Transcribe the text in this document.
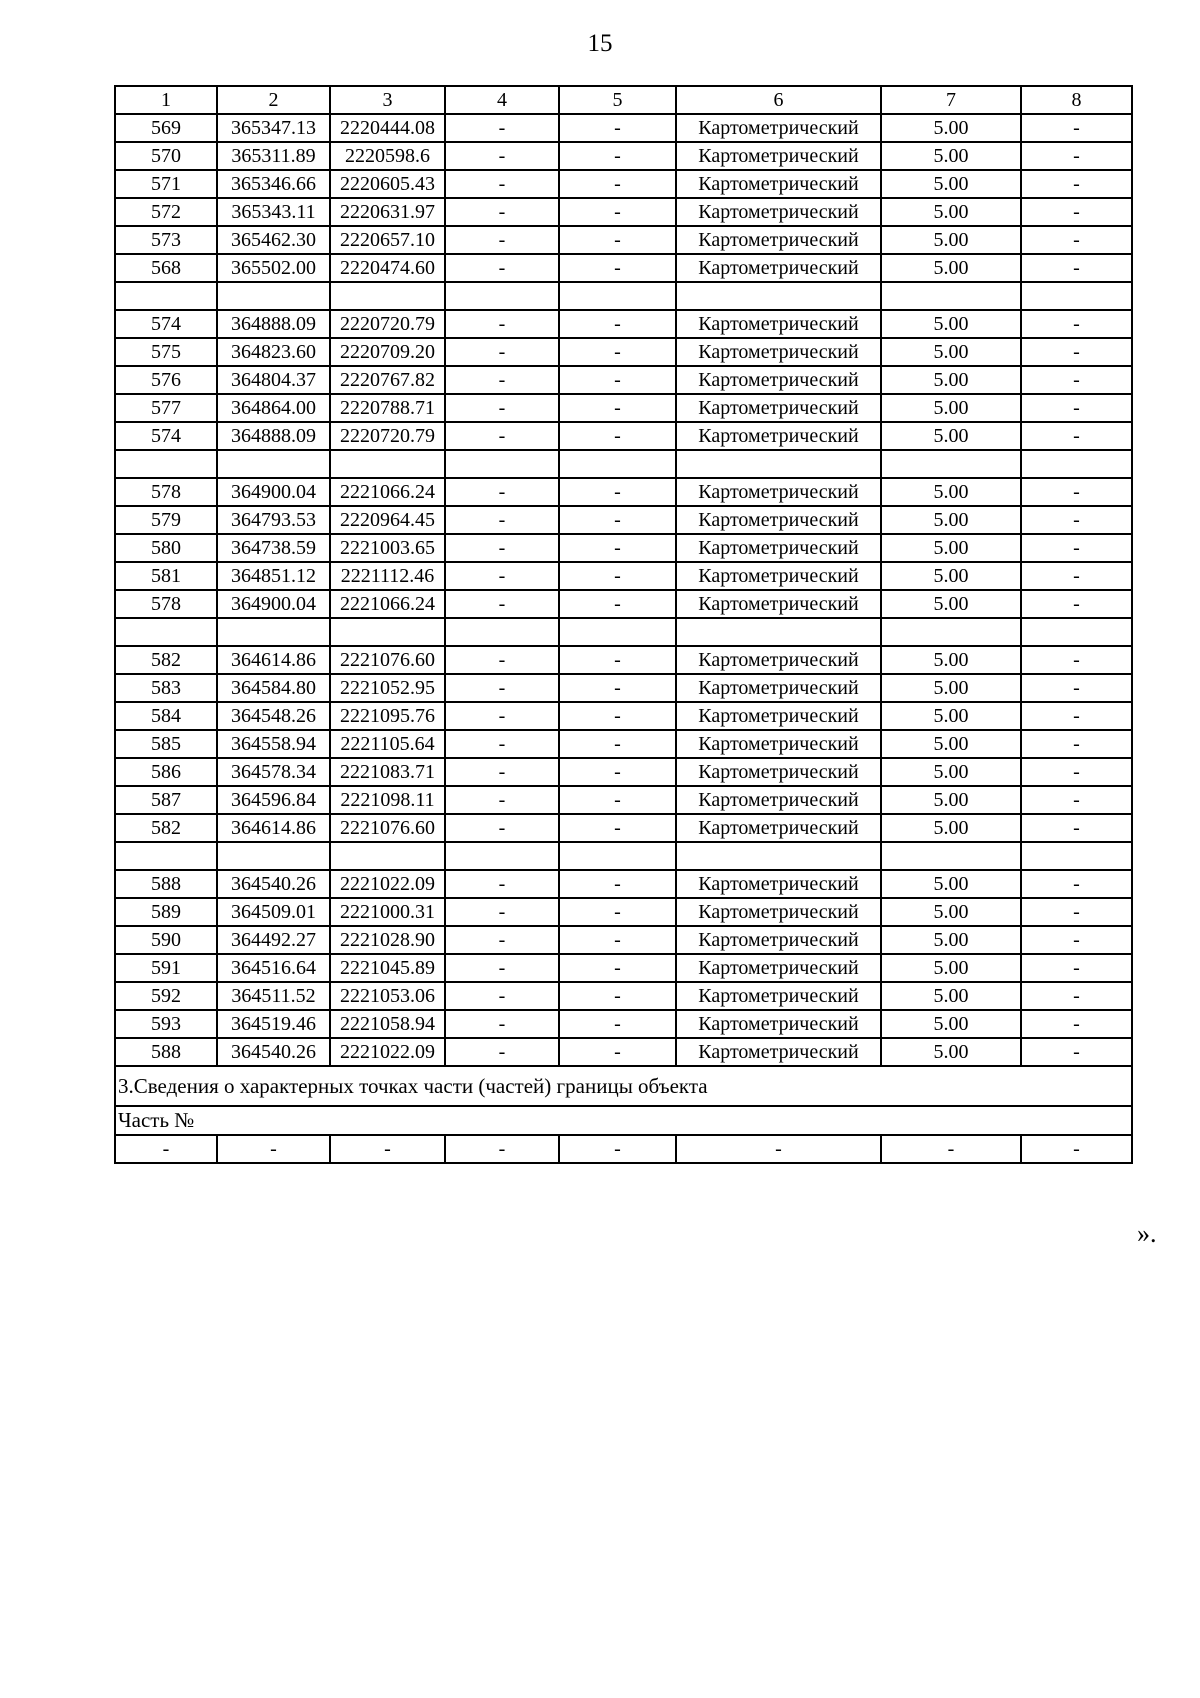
15
1	2	3	4	5	6	7	8
569	365347.13	2220444.08	-	-	Картометрический	5.00	-
570	365311.89	2220598.6	-	-	Картометрический	5.00	-
571	365346.66	2220605.43	-	-	Картометрический	5.00	-
572	365343.11	2220631.97	-	-	Картометрический	5.00	-
573	365462.30	2220657.10	-	-	Картометрический	5.00	-
568	365502.00	2220474.60	-	-	Картометрический	5.00	-

574	364888.09	2220720.79	-	-	Картометрический	5.00	-
575	364823.60	2220709.20	-	-	Картометрический	5.00	-
576	364804.37	2220767.82	-	-	Картометрический	5.00	-
577	364864.00	2220788.71	-	-	Картометрический	5.00	-
574	364888.09	2220720.79	-	-	Картометрический	5.00	-

578	364900.04	2221066.24	-	-	Картометрический	5.00	-
579	364793.53	2220964.45	-	-	Картометрический	5.00	-
580	364738.59	2221003.65	-	-	Картометрический	5.00	-
581	364851.12	2221112.46	-	-	Картометрический	5.00	-
578	364900.04	2221066.24	-	-	Картометрический	5.00	-

582	364614.86	2221076.60	-	-	Картометрический	5.00	-
583	364584.80	2221052.95	-	-	Картометрический	5.00	-
584	364548.26	2221095.76	-	-	Картометрический	5.00	-
585	364558.94	2221105.64	-	-	Картометрический	5.00	-
586	364578.34	2221083.71	-	-	Картометрический	5.00	-
587	364596.84	2221098.11	-	-	Картометрический	5.00	-
582	364614.86	2221076.60	-	-	Картометрический	5.00	-

588	364540.26	2221022.09	-	-	Картометрический	5.00	-
589	364509.01	2221000.31	-	-	Картометрический	5.00	-
590	364492.27	2221028.90	-	-	Картометрический	5.00	-
591	364516.64	2221045.89	-	-	Картометрический	5.00	-
592	364511.52	2221053.06	-	-	Картометрический	5.00	-
593	364519.46	2221058.94	-	-	Картометрический	5.00	-
588	364540.26	2221022.09	-	-	Картометрический	5.00	-
3.Сведения о характерных точках части (частей) границы объекта							
Часть №							
-	-	-	-	-	-	-	-
».
